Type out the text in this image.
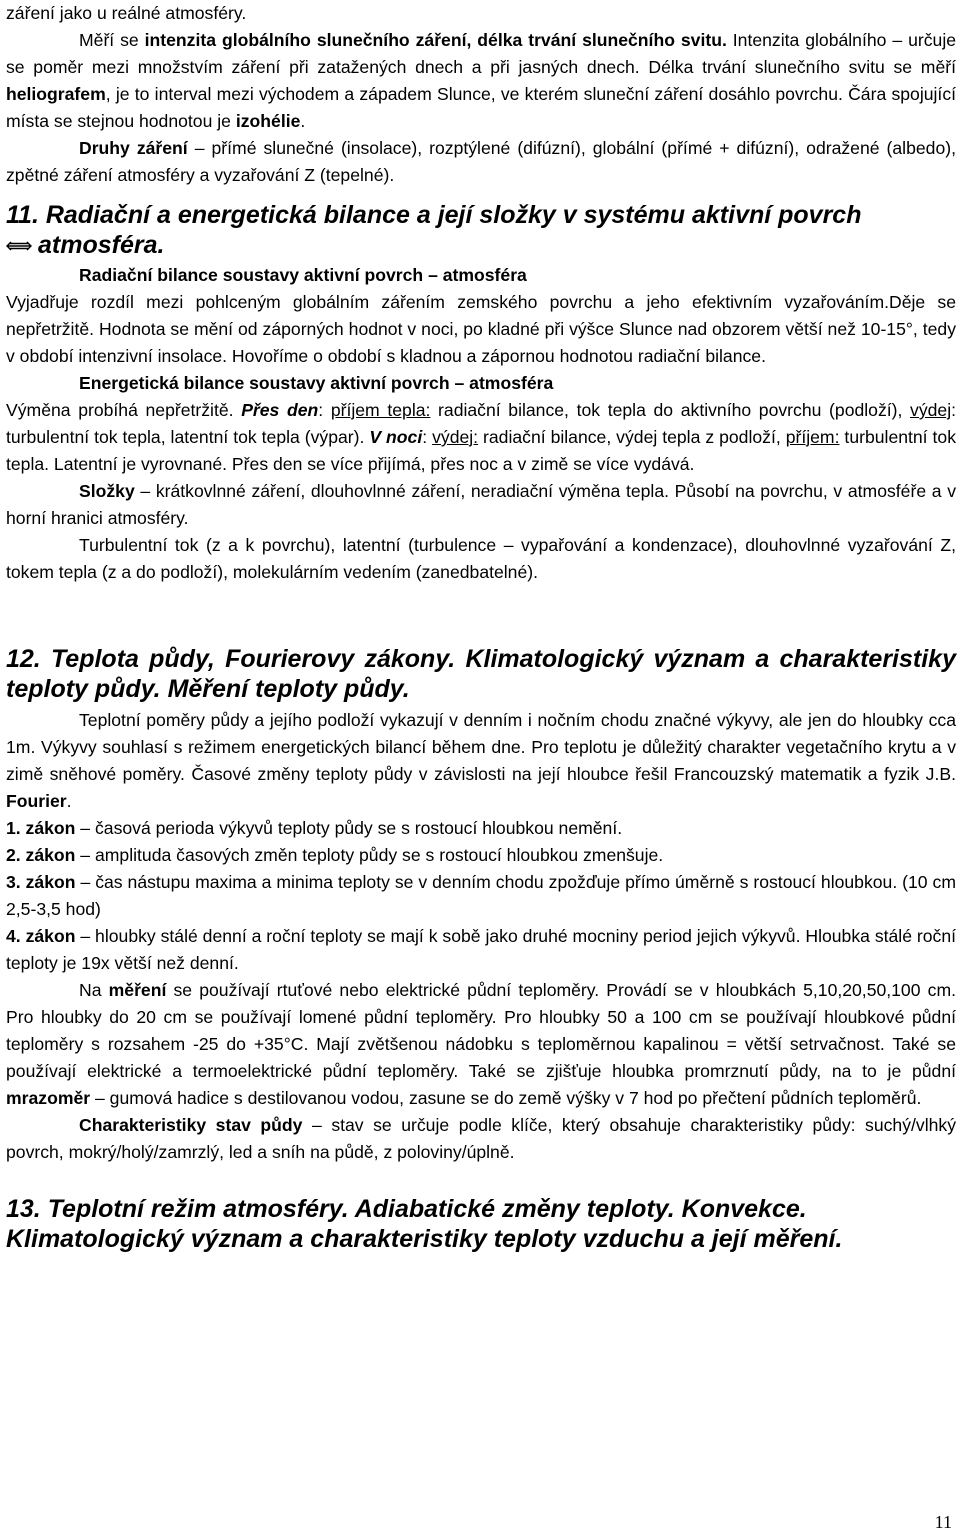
záření jako u reálné atmosféry.

Měří se intenzita globálního slunečního záření, délka trvání slunečního svitu. Intenzita globálního – určuje se poměr mezi množstvím záření při zatažených dnech a při jasných dnech. Délka trvání slunečního svitu se měří heliografem, je to interval mezi východem a západem Slunce, ve kterém sluneční záření dosáhlo povrchu. Čára spojující místa se stejnou hodnotou je izohélie.

Druhy záření – přímé slunečné (insolace), rozptýlené (difúzní), globální (přímé + difúzní), odražené (albedo), zpětné záření atmosféry a vyzařování Z (tepelné).

11. Radiační a energetická bilance a její složky v systému aktivní povrch
atmosféra.

Radiační bilance soustavy aktivní povrch – atmosféra

Vyjadřuje rozdíl mezi pohlceným globálním zářením zemského povrchu a jeho efektivním vyzařováním.Děje se nepřetržitě. Hodnota se mění od záporných hodnot v noci, po kladné při výšce Slunce nad obzorem větší než 10-15°, tedy v období intenzivní insolace. Hovoříme o období s kladnou a zápornou hodnotou radiační bilance.

Energetická bilance soustavy aktivní povrch – atmosféra

Výměna probíhá nepřetržitě. Přes den: příjem tepla: radiační bilance, tok tepla do aktivního povrchu (podloží), výdej: turbulentní tok tepla, latentní tok tepla (výpar). V noci: výdej: radiační bilance, výdej tepla z podloží, příjem: turbulentní tok tepla. Latentní je vyrovnané. Přes den se více přijímá, přes noc a v zimě se více vydává.

Složky – krátkovlnné záření, dlouhovlnné záření, neradiační výměna tepla. Působí na povrchu, v atmosféře a v horní hranici atmosféry.

Turbulentní tok (z a k povrchu), latentní (turbulence – vypařování a kondenzace), dlouhovlnné vyzařování Z, tokem tepla (z a do podloží), molekulárním vedením (zanedbatelné).

12. Teplota půdy, Fourierovy zákony. Klimatologický význam a charakteristiky teploty půdy. Měření teploty půdy.

Teplotní poměry půdy a jejího podloží vykazují v denním i nočním chodu značné výkyvy, ale jen do hloubky cca 1m. Výkyvy souhlasí s režimem energetických bilancí během dne. Pro teplotu je důležitý charakter vegetačního krytu a v zimě sněhové poměry. Časové změny teploty půdy v závislosti na její hloubce řešil Francouzský matematik a fyzik J.B. Fourier.

1. zákon – časová perioda výkyvů teploty půdy se s rostoucí hloubkou nemění.

2. zákon – amplituda časových změn teploty půdy se s rostoucí hloubkou zmenšuje.

3. zákon – čas nástupu maxima a minima teploty se v denním chodu zpožďuje přímo úměrně s rostoucí hloubkou. (10 cm 2,5-3,5 hod)

4. zákon – hloubky stálé denní a roční teploty se mají k sobě jako druhé mocniny period jejich výkyvů. Hloubka stálé roční teploty je 19x větší než denní.

Na měření se používají rtuťové nebo elektrické půdní teploměry. Provádí se v hloubkách 5,10,20,50,100 cm. Pro hloubky do 20 cm se používají lomené půdní teploměry. Pro hloubky 50 a 100 cm se používají hloubkové půdní teploměry s rozsahem -25 do +35°C. Mají zvětšenou nádobku s teploměrnou kapalinou = větší setrvačnost. Také se používají elektrické a termoelektrické půdní teploměry. Také se zjišťuje hloubka promrznutí půdy, na to je půdní mrazoměr – gumová hadice s destilovanou vodou, zasune se do země výšky v 7 hod po přečtení půdních teploměrů.

Charakteristiky stav půdy – stav se určuje podle klíče, který obsahuje charakteristiky půdy: suchý/vlhký povrch, mokrý/holý/zamrzlý, led a sníh na půdě, z poloviny/úplně.

13. Teplotní režim atmosféry. Adiabatické změny teploty. Konvekce. Klimatologický význam a charakteristiky teploty vzduchu a její měření.
11
